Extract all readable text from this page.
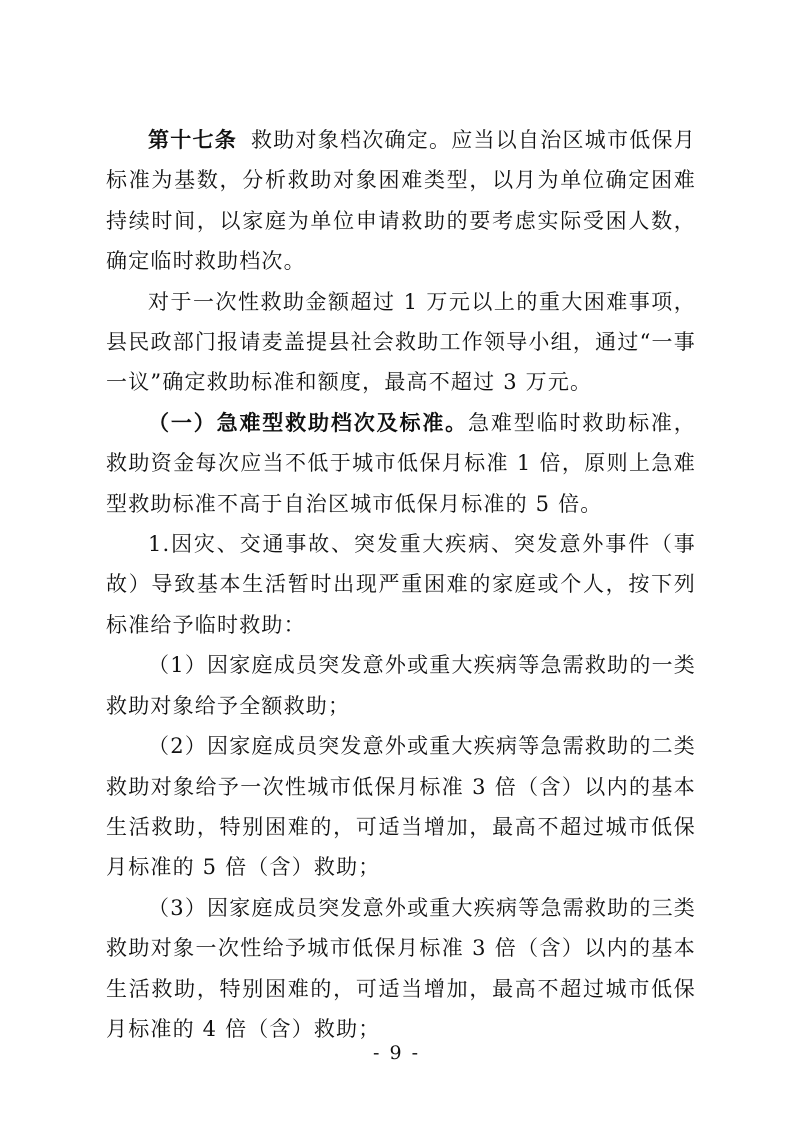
第十七条 救助对象档次确定。应当以自治区城市低保月标准为基数，分析救助对象困难类型，以月为单位确定困难持续时间，以家庭为单位申请救助的要考虑实际受困人数，确定临时救助档次。

对于一次性救助金额超过 1 万元以上的重大困难事项，县民政部门报请麦盖提县社会救助工作领导小组，通过“一事一议”确定救助标准和额度，最高不超过 3 万元。

（一）急难型救助档次及标准。急难型临时救助标准，救助资金每次应当不低于城市低保月标准 1 倍，原则上急难型救助标准不高于自治区城市低保月标准的 5 倍。

1.因灾、交通事故、突发重大疾病、突发意外事件（事故）导致基本生活暂时出现严重困难的家庭或个人，按下列标准给予临时救助：

（1）因家庭成员突发意外或重大疾病等急需救助的一类救助对象给予全额救助；

（2）因家庭成员突发意外或重大疾病等急需救助的二类救助对象给予一次性城市低保月标准 3 倍（含）以内的基本生活救助，特别困难的，可适当增加，最高不超过城市低保月标准的 5 倍（含）救助；

（3）因家庭成员突发意外或重大疾病等急需救助的三类救助对象一次性给予城市低保月标准 3 倍（含）以内的基本生活救助，特别困难的，可适当增加，最高不超过城市低保月标准的 4 倍（含）救助；

- 9 -
